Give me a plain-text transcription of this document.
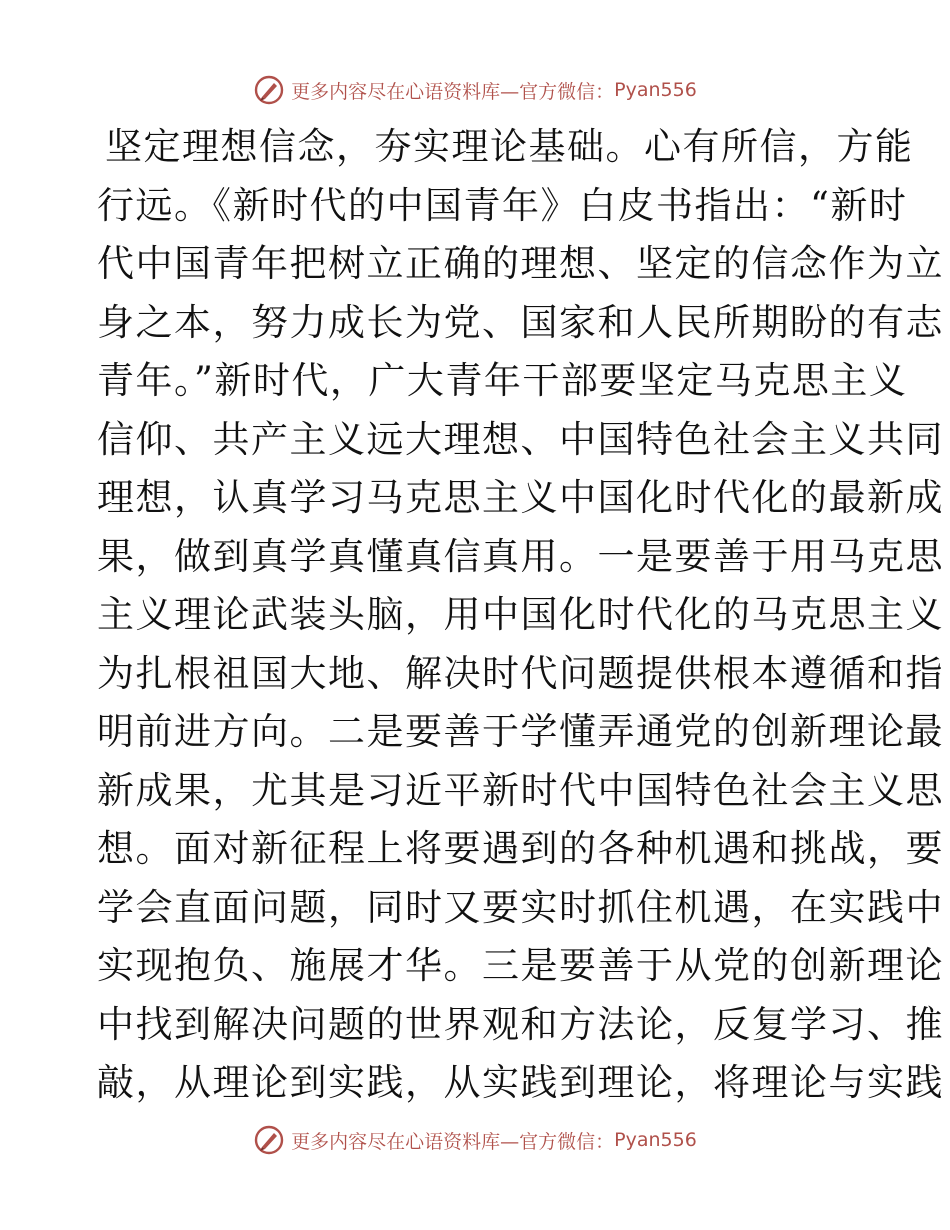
更多内容尽在心语资料库—官方微信： Pyan556
坚定理想信念，夯实理论基础。心有所信，方能
行远。《新时代的中国青年》白皮书指出：“新时
代中国青年把树立正确的理想、坚定的信念作为立
身之本，努力成长为党、国家和人民所期盼的有志
青年。”新时代，广大青年干部要坚定马克思主义
信仰、共产主义远大理想、中国特色社会主义共同
理想，认真学习马克思主义中国化时代化的最新成
果，做到真学真懂真信真用。一是要善于用马克思
主义理论武装头脑，用中国化时代化的马克思主义
为扎根祖国大地、解决时代问题提供根本遵循和指
明前进方向。二是要善于学懂弄通党的创新理论最
新成果，尤其是习近平新时代中国特色社会主义思
想。面对新征程上将要遇到的各种机遇和挑战，要
学会直面问题，同时又要实时抓住机遇，在实践中
实现抱负、施展才华。三是要善于从党的创新理论
中找到解决问题的世界观和方法论，反复学习、推
敲，从理论到实践，从实践到理论，将理论与实践
更多内容尽在心语资料库—官方微信： Pyan556
